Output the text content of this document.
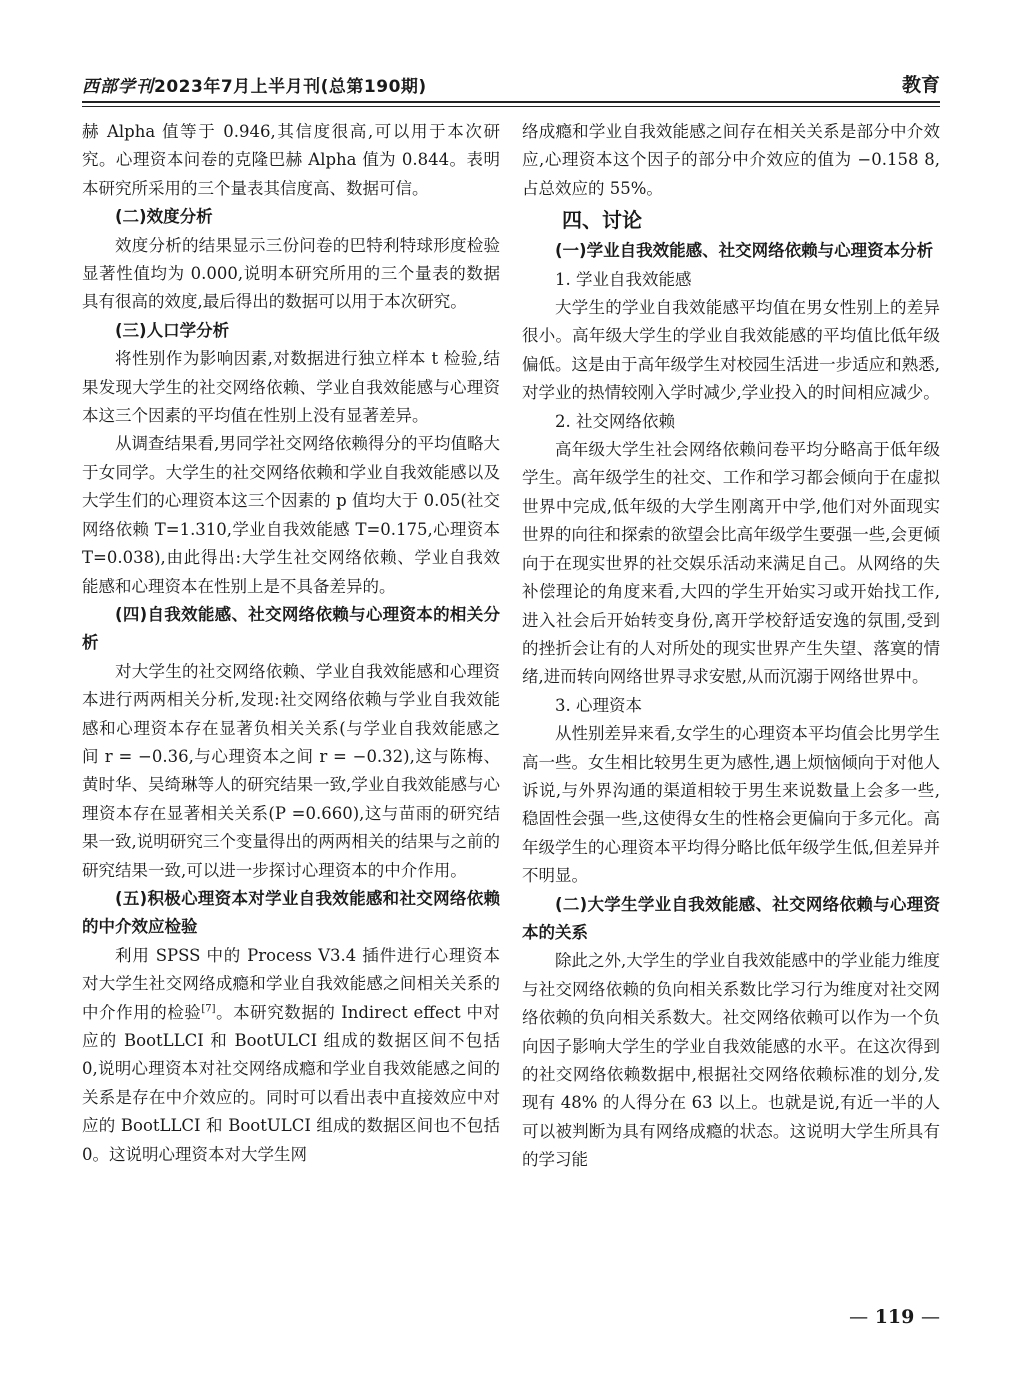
西部学刊2023年7月上半月刊(总第190期)	教育

赫 Alpha 值等于 0.946,其信度很高,可以用于本次研究。心理资本问卷的克隆巴赫 Alpha 值为 0.844。表明本研究所采用的三个量表其信度高、数据可信。

(二)效度分析

效度分析的结果显示三份问卷的巴特利特球形度检验显著性值均为 0.000,说明本研究所用的三个量表的数据具有很高的效度,最后得出的数据可以用于本次研究。

(三)人口学分析

将性别作为影响因素,对数据进行独立样本 t 检验,结果发现大学生的社交网络依赖、学业自我效能感与心理资本这三个因素的平均值在性别上没有显著差异。

从调查结果看,男同学社交网络依赖得分的平均值略大于女同学。大学生的社交网络依赖和学业自我效能感以及大学生们的心理资本这三个因素的 p 值均大于 0.05(社交网络依赖 T=1.310,学业自我效能感 T=0.175,心理资本 T=0.038),由此得出:大学生社交网络依赖、学业自我效能感和心理资本在性别上是不具备差异的。

(四)自我效能感、社交网络依赖与心理资本的相关分析

对大学生的社交网络依赖、学业自我效能感和心理资本进行两两相关分析,发现:社交网络依赖与学业自我效能感和心理资本存在显著负相关关系(与学业自我效能感之间 r = −0.36,与心理资本之间 r = −0.32),这与陈梅、黄时华、吴绮琳等人的研究结果一致,学业自我效能感与心理资本存在显著相关关系(P =0.660),这与苗雨的研究结果一致,说明研究三个变量得出的两两相关的结果与之前的研究结果一致,可以进一步探讨心理资本的中介作用。

(五)积极心理资本对学业自我效能感和社交网络依赖的中介效应检验

利用 SPSS 中的 Process V3.4 插件进行心理资本对大学生社交网络成瘾和学业自我效能感之间相关关系的中介作用的检验[7]。本研究数据的 Indirect effect 中对应的 BootLLCI 和 BootULCI 组成的数据区间不包括 0,说明心理资本对社交网络成瘾和学业自我效能感之间的关系是存在中介效应的。同时可以看出表中直接效应中对应的 BootLLCI 和 BootULCI 组成的数据区间也不包括 0。这说明心理资本对大学生网

络成瘾和学业自我效能感之间存在相关关系是部分中介效应,心理资本这个因子的部分中介效应的值为 −0.158 8,占总效应的 55%。

四、讨论
(一)学业自我效能感、社交网络依赖与心理资本分析

1. 学业自我效能感

大学生的学业自我效能感平均值在男女性别上的差异很小。高年级大学生的学业自我效能感的平均值比低年级偏低。这是由于高年级学生对校园生活进一步适应和熟悉,对学业的热情较刚入学时减少,学业投入的时间相应减少。

2. 社交网络依赖

高年级大学生社会网络依赖问卷平均分略高于低年级学生。高年级学生的社交、工作和学习都会倾向于在虚拟世界中完成,低年级的大学生刚离开中学,他们对外面现实世界的向往和探索的欲望会比高年级学生要强一些,会更倾向于在现实世界的社交娱乐活动来满足自己。从网络的失补偿理论的角度来看,大四的学生开始实习或开始找工作,进入社会后开始转变身份,离开学校舒适安逸的氛围,受到的挫折会让有的人对所处的现实世界产生失望、落寞的情绪,进而转向网络世界寻求安慰,从而沉溺于网络世界中。

3. 心理资本

从性别差异来看,女学生的心理资本平均值会比男学生高一些。女生相比较男生更为感性,遇上烦恼倾向于对他人诉说,与外界沟通的渠道相较于男生来说数量上会多一些,稳固性会强一些,这使得女生的性格会更偏向于多元化。高年级学生的心理资本平均得分略比低年级学生低,但差异并不明显。

(二)大学生学业自我效能感、社交网络依赖与心理资本的关系

除此之外,大学生的学业自我效能感中的学业能力维度与社交网络依赖的负向相关系数比学习行为维度对社交网络依赖的负向相关系数大。社交网络依赖可以作为一个负向因子影响大学生的学业自我效能感的水平。在这次得到的社交网络依赖数据中,根据社交网络依赖标准的划分,发现有 48% 的人得分在 63 以上。也就是说,有近一半的人可以被判断为具有网络成瘾的状态。这说明大学生所具有的学习能

— 119 —
